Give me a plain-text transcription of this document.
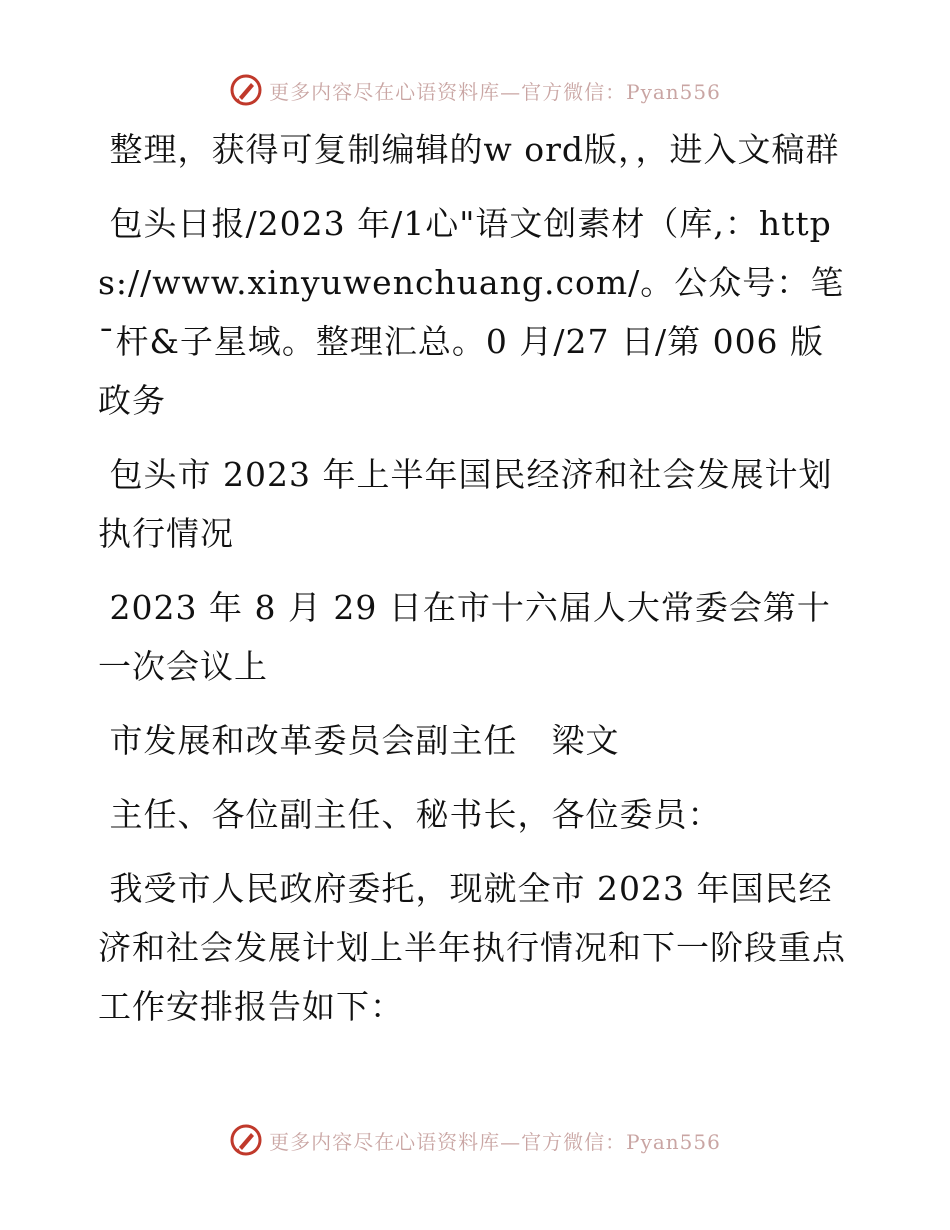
更多内容尽在心语资料库—官方微信：Pyan556

整理，获得可复制编辑的w ord版，，进入文稿群

包头日报/2023 年/1心"语文创素材（库,：https://www.xinyuwenchuang.com/。公众号：笔¯杆&子星域。整理汇总。0 月/27 日/第 006 版政务

包头市 2023 年上半年国民经济和社会发展计划执行情况

2023 年 8 月 29 日在市十六届人大常委会第十一次会议上

市发展和改革委员会副主任　梁文

主任、各位副主任、秘书长，各位委员：

我受市人民政府委托，现就全市 2023 年国民经济和社会发展计划上半年执行情况和下一阶段重点工作安排报告如下：

更多内容尽在心语资料库—官方微信：Pyan556
